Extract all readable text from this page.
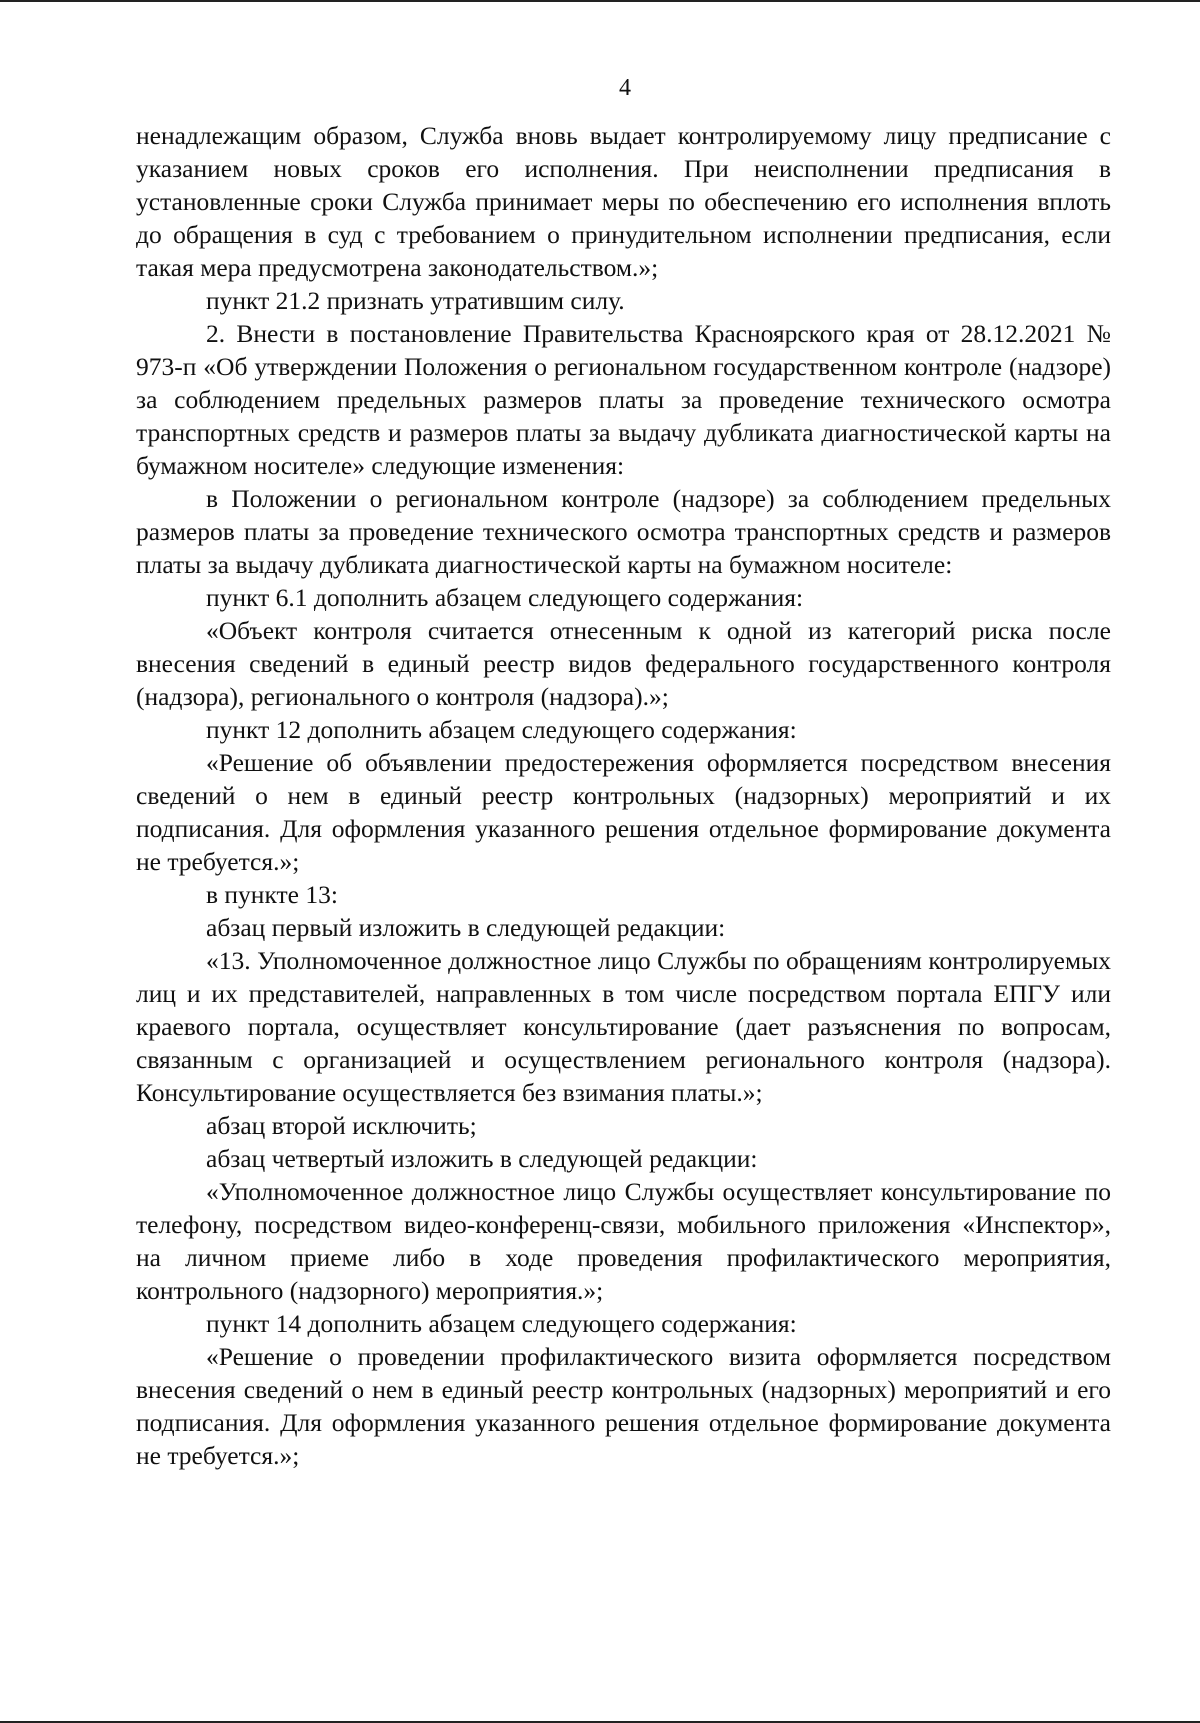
4

ненадлежащим образом, Служба вновь выдает контролируемому лицу предписание с указанием новых сроков его исполнения. При неисполнении предписания в установленные сроки Служба принимает меры по обеспечению его исполнения вплоть до обращения в суд с требованием о принудительном исполнении предписания, если такая мера предусмотрена законодательством.»;

пункт 21.2 признать утратившим силу.

2. Внести в постановление Правительства Красноярского края от 28.12.2021 № 973-п «Об утверждении Положения о региональном государственном контроле (надзоре) за соблюдением предельных размеров платы за проведение технического осмотра транспортных средств и размеров платы за выдачу дубликата диагностической карты на бумажном носителе» следующие изменения:

в Положении о региональном контроле (надзоре) за соблюдением предельных размеров платы за проведение технического осмотра транспортных средств и размеров платы за выдачу дубликата диагностической карты на бумажном носителе:

пункт 6.1 дополнить абзацем следующего содержания:

«Объект контроля считается отнесенным к одной из категорий риска после внесения сведений в единый реестр видов федерального государственного контроля (надзора), регионального о контроля (надзора).»;

пункт 12 дополнить абзацем следующего содержания:

«Решение об объявлении предостережения оформляется посредством внесения сведений о нем в единый реестр контрольных (надзорных) мероприятий и их подписания. Для оформления указанного решения отдельное формирование документа не требуется.»;

в пункте 13:

абзац первый изложить в следующей редакции:

«13. Уполномоченное должностное лицо Службы по обращениям контролируемых лиц и их представителей, направленных в том числе посредством портала ЕПГУ или краевого портала, осуществляет консультирование (дает разъяснения по вопросам, связанным с организацией и осуществлением регионального контроля (надзора). Консультирование осуществляется без взимания платы.»;

абзац второй исключить;

абзац четвертый изложить в следующей редакции:

«Уполномоченное должностное лицо Службы осуществляет консультирование по телефону, посредством видео-конференц-связи, мобильного приложения «Инспектор», на личном приеме либо в ходе проведения профилактического мероприятия, контрольного (надзорного) мероприятия.»;

пункт 14 дополнить абзацем следующего содержания:

«Решение о проведении профилактического визита оформляется посредством внесения сведений о нем в единый реестр контрольных (надзорных) мероприятий и его подписания. Для оформления указанного решения отдельное формирование документа не требуется.»;
